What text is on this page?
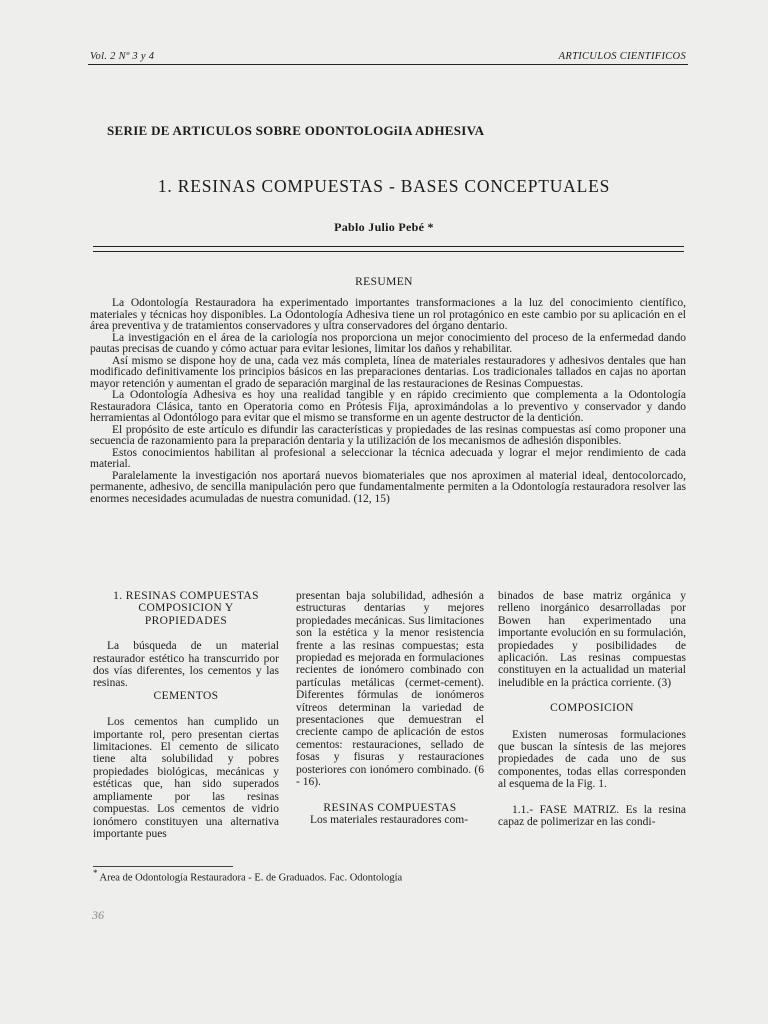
Vol. 2 Nº 3 y 4	ARTICULOS CIENTIFICOS
SERIE DE ARTICULOS SOBRE ODONTOLOGiIA ADHESIVA
1. RESINAS COMPUESTAS - BASES CONCEPTUALES
Pablo Julio Pebé *
RESUMEN

La Odontología Restauradora ha experimentado importantes transformaciones a la luz del conocimiento científico, materiales y técnicas hoy disponibles. La Odontología Adhesiva tiene un rol protagónico en este cambio por su aplicación en el área preventiva y de tratamientos conservadores y ultra conservadores del órgano dentario.

La investigación en el área de la cariología nos proporciona un mejor conocimiento del proceso de la enfermedad dando pautas precisas de cuando y cómo actuar para evitar lesiones, limitar los daños y rehabilitar.

Así mismo se dispone hoy de una, cada vez más completa, línea de materiales restauradores y adhesivos dentales que han modificado definitivamente los principios básicos en las preparaciones dentarias. Los tradicionales tallados en cajas no aportan mayor retención y aumentan el grado de separación marginal de las restauraciones de Resinas Compuestas.

La Odontología Adhesiva es hoy una realidad tangible y en rápido crecimiento que complementa a la Odontología Restauradora Clásica, tanto en Operatoria como en Prótesis Fija, aproximándolas a lo preventivo y conservador y dando herramientas al Odontólogo para evitar que el mismo se transforme en un agente destructor de la dentición.

El propósito de este artículo es difundir las características y propiedades de las resinas compuestas así como proponer una secuencia de razonamiento para la preparación dentaria y la utilización de los mecanismos de adhesión disponibles.

Estos conocimientos habilitan al profesional a seleccionar la técnica adecuada y lograr el mejor rendimiento de cada material.

Paralelamente la investigación nos aportará nuevos biomateriales que nos aproximen al material ideal, dentocolorcado, permanente, adhesivo, de sencilla manipulación pero que fundamentalmente permiten a la Odontología restauradora resolver las enormes necesidades acumuladas de nuestra comunidad. (12, 15)

1. RESINAS COMPUESTAS

COMPOSICION Y

PROPIEDADES

La búsqueda de un material restaurador estético ha transcurrido por dos vías diferentes, los cementos y las resinas.

CEMENTOS

Los cementos han cumplido un importante rol, pero presentan ciertas limitaciones. El cemento de silicato tiene alta solubilidad y pobres propiedades biológicas, mecánicas y estéticas que, han sido superados ampliamente por las resinas compuestas. Los cementos de vidrio ionómero constituyen una alternativa importante pues

presentan baja solubilidad, adhesión a estructuras dentarias y mejores propiedades mecánicas. Sus limitaciones son la estética y la menor resistencia frente a las resinas compuestas; esta propiedad es mejorada en formulaciones recientes de ionómero combinado con partículas metálicas (cermet-cement). Diferentes fórmulas de ionómeros vítreos determinan la variedad de presentaciones que demuestran el creciente campo de aplicación de estos cementos: restauraciones, sellado de fosas y fisuras y restauraciones posteriores con ionómero combinado. (6 - 16).

RESINAS COMPUESTAS

Los materiales restauradores com-

binados de base matriz orgánica y relleno inorgánico desarrolladas por Bowen han experimentado una importante evolución en su formulación, propiedades y posibilidades de aplicación. Las resinas compuestas constituyen en la actualidad un material ineludible en la práctica corriente. (3)

COMPOSICION

Existen numerosas formulaciones que buscan la síntesis de las mejores propiedades de cada uno de sus componentes, todas ellas corresponden al esquema de la Fig. 1.

1.1.- FASE MATRIZ. Es la resina capaz de polimerizar en las condi-

* Area de Odontología Restauradora - E. de Graduados. Fac. Odontología
36
